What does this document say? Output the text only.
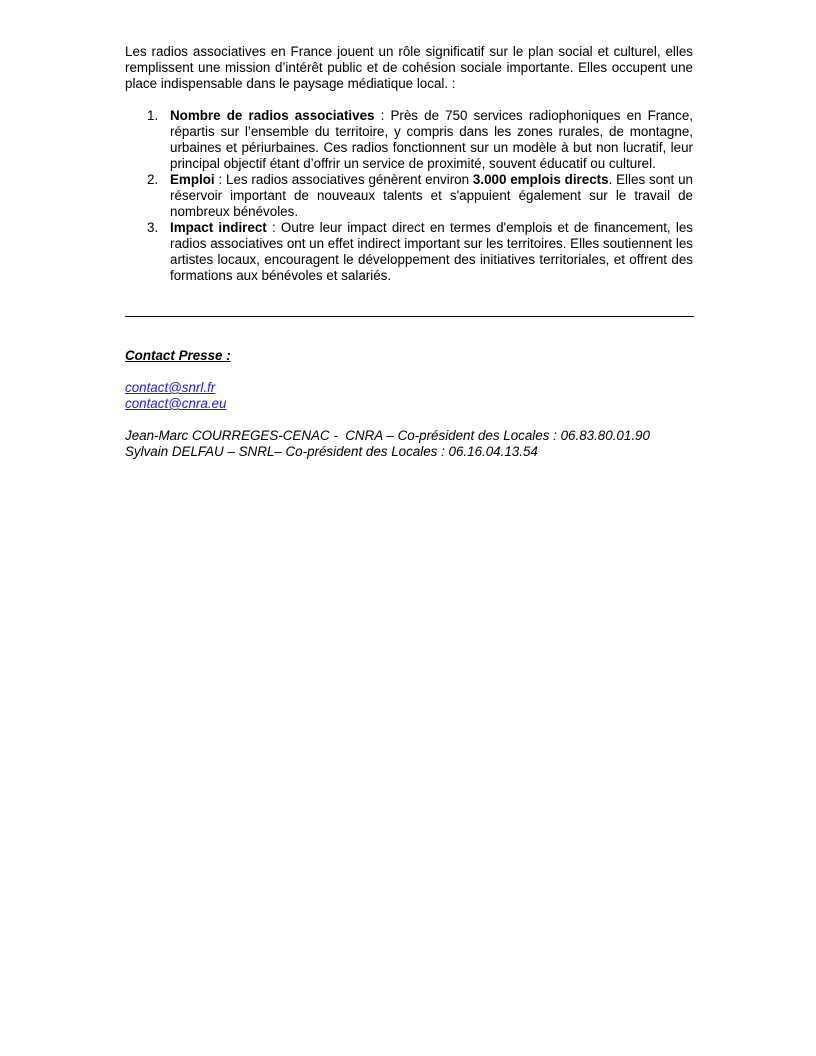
Les radios associatives en France jouent un rôle significatif sur le plan social et culturel, elles remplissent une mission d’intérêt public et de cohésion sociale importante. Elles occupent une place indispensable dans le paysage médiatique local. :

1. Nombre de radios associatives : Près de 750 services radiophoniques en France, répartis sur l’ensemble du territoire, y compris dans les zones rurales, de montagne, urbaines et périurbaines. Ces radios fonctionnent sur un modèle à but non lucratif, leur principal objectif étant d’offrir un service de proximité, souvent éducatif ou culturel.
2. Emploi : Les radios associatives génèrent environ 3.000 emplois directs. Elles sont un réservoir important de nouveaux talents et s'appuient également sur le travail de nombreux bénévoles.
3. Impact indirect : Outre leur impact direct en termes d'emplois et de financement, les radios associatives ont un effet indirect important sur les territoires. Elles soutiennent les artistes locaux, encouragent le développement des initiatives territoriales, et offrent des formations aux bénévoles et salariés.
Contact Presse :
contact@snrl.fr
contact@cnra.eu
Jean-Marc COURREGES-CENAC -  CNRA – Co-président des Locales : 06.83.80.01.90
Sylvain DELFAU – SNRL– Co-président des Locales : 06.16.04.13.54
